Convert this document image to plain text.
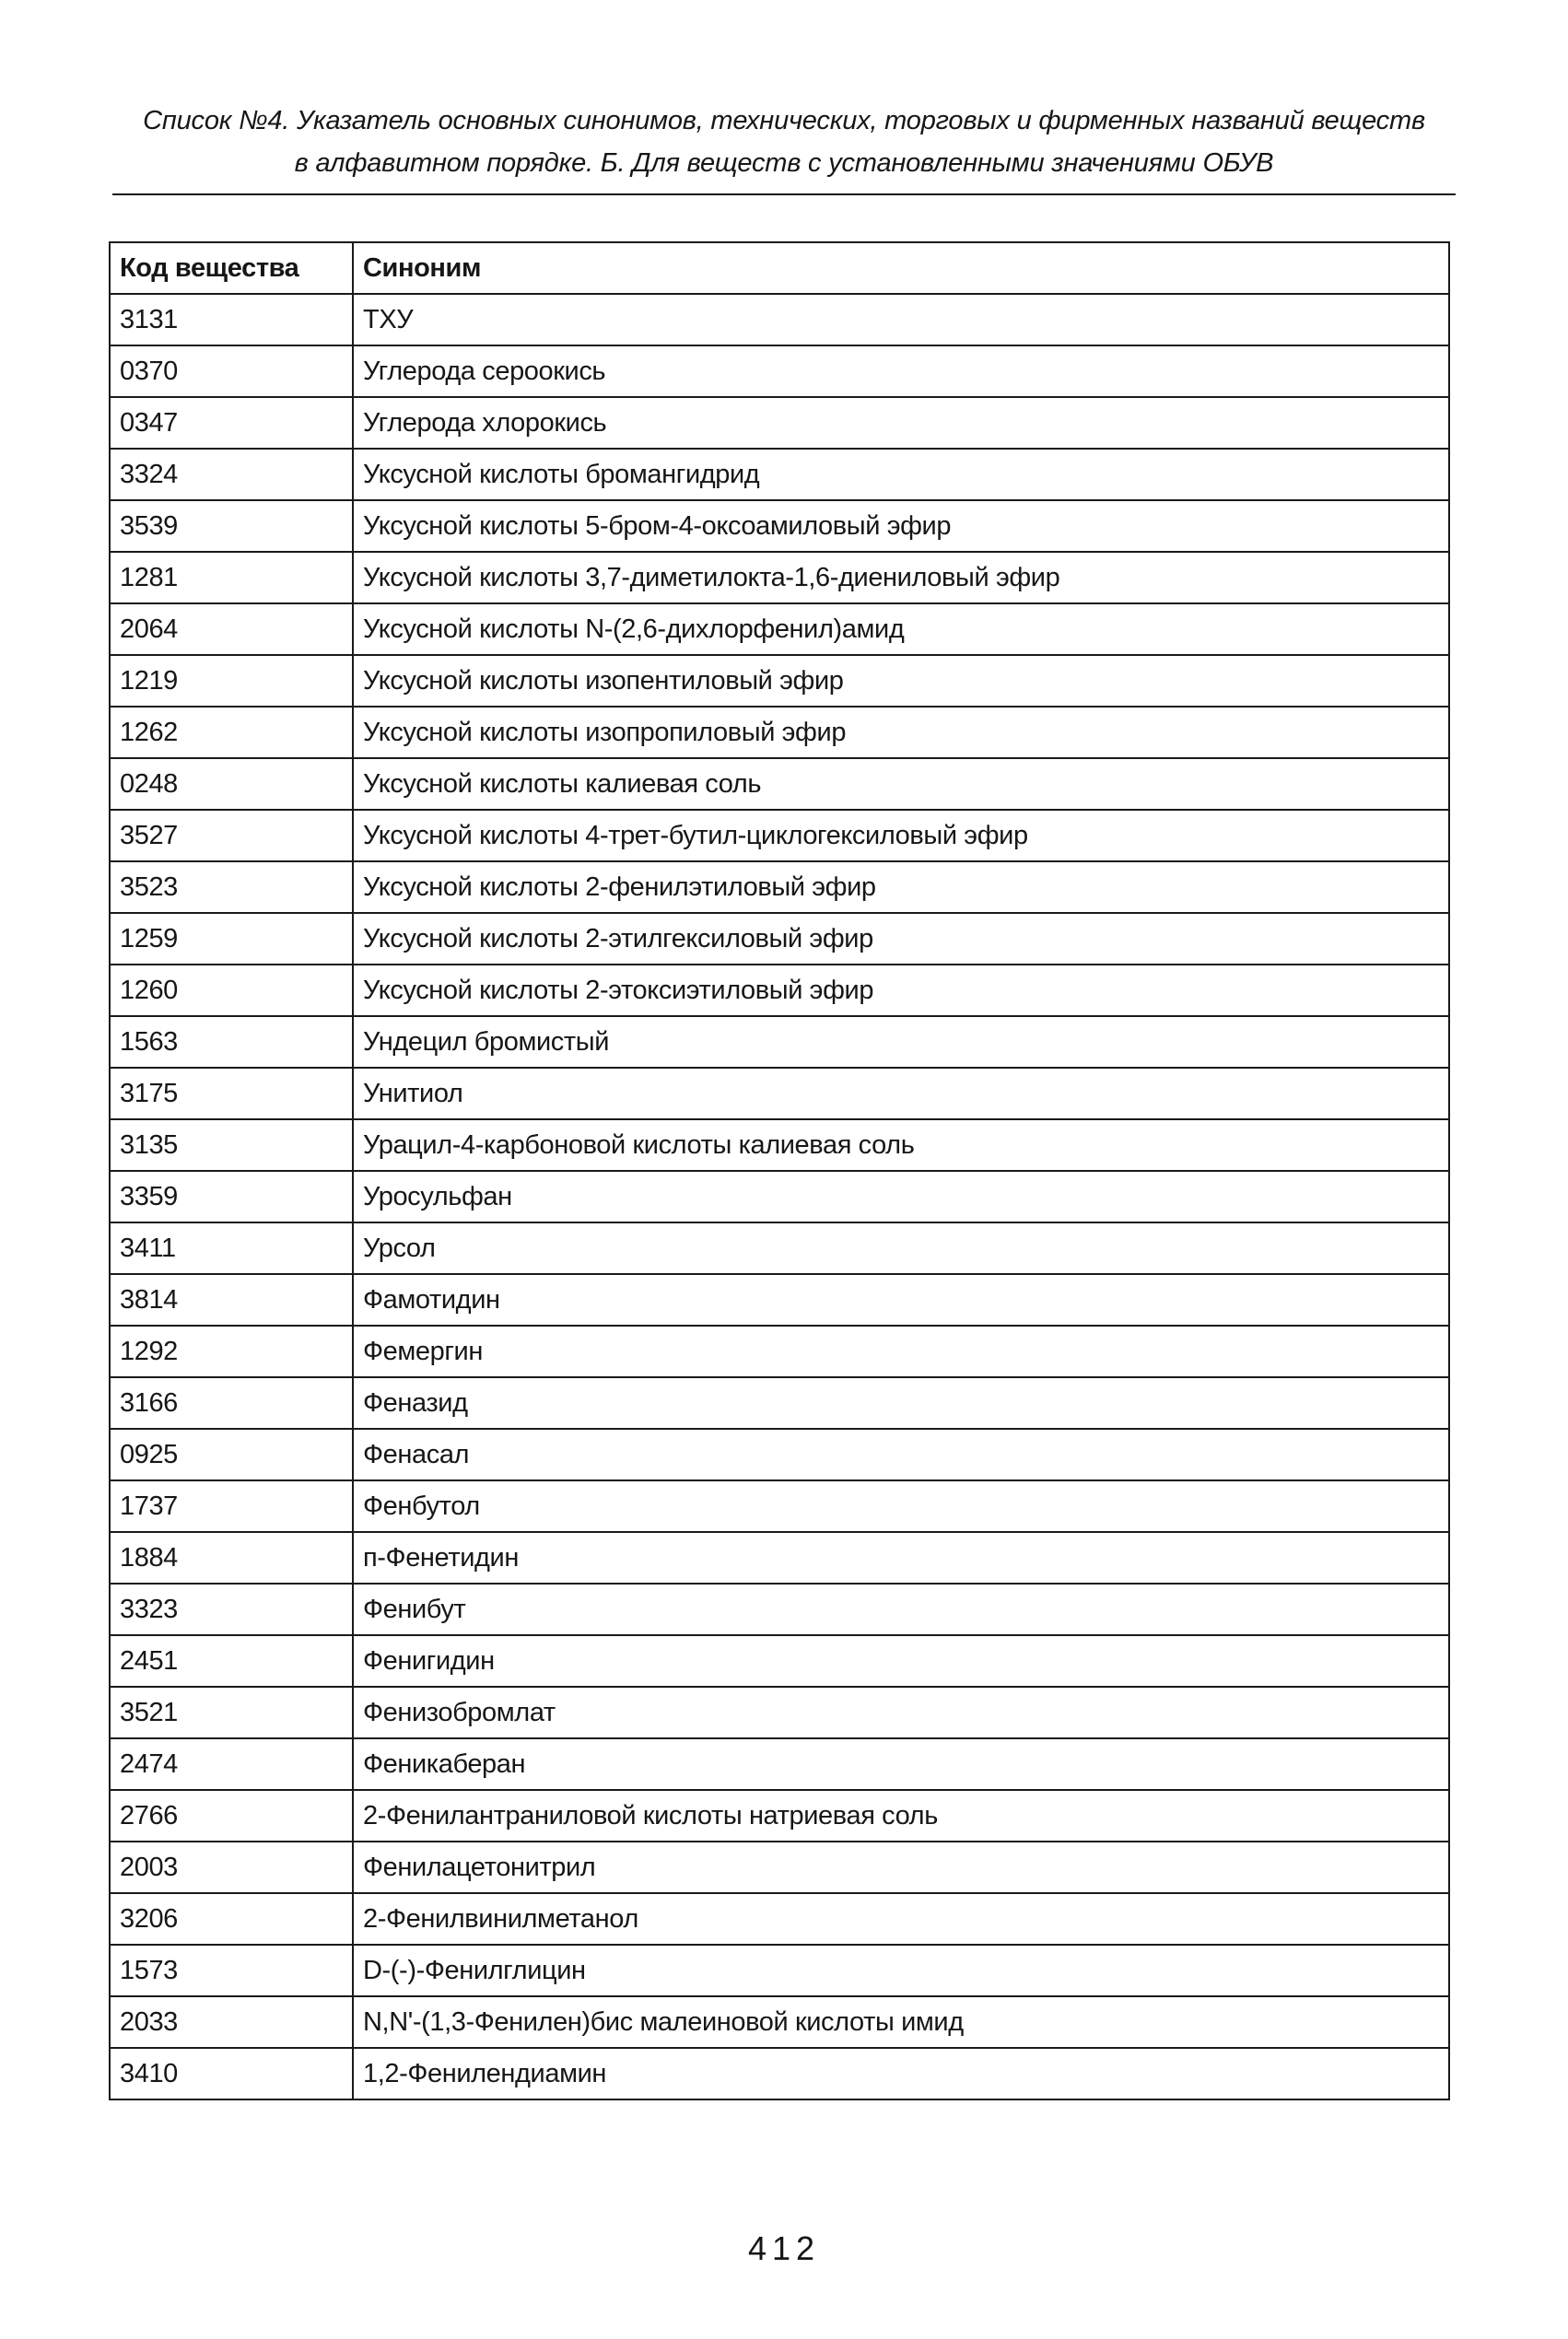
Список №4. Указатель основных синонимов, технических, торговых и фирменных названий веществ
в алфавитном порядке. Б. Для веществ с установленными значениями ОБУВ
Код вещества	Синоним
3131	ТХУ
0370	Углерода сероокись
0347	Углерода хлорокись
3324	Уксусной кислоты бромангидрид
3539	Уксусной кислоты 5-бром-4-оксоамиловый эфир
1281	Уксусной кислоты 3,7-диметилокта-1,6-диениловый эфир
2064	Уксусной кислоты N-(2,6-дихлорфенил)амид
1219	Уксусной кислоты изопентиловый эфир
1262	Уксусной кислоты изопропиловый эфир
0248	Уксусной кислоты калиевая соль
3527	Уксусной кислоты 4-трет-бутил-циклогексиловый эфир
3523	Уксусной кислоты 2-фенилэтиловый эфир
1259	Уксусной кислоты 2-этилгексиловый эфир
1260	Уксусной кислоты 2-этоксиэтиловый эфир
1563	Ундецил бромистый
3175	Унитиол
3135	Урацил-4-карбоновой кислоты калиевая соль
3359	Уросульфан
3411	Урсол
3814	Фамотидин
1292	Фемергин
3166	Феназид
0925	Фенасал
1737	Фенбутол
1884	п-Фенетидин
3323	Фенибут
2451	Фенигидин
3521	Фенизобромлат
2474	Феникаберан
2766	2-Фенилантраниловой кислоты натриевая соль
2003	Фенилацетонитрил
3206	2-Фенилвинилметанол
1573	D-(-)-Фенилглицин
2033	N,N'-(1,3-Фенилен)бис малеиновой кислоты имид
3410	1,2-Фенилендиамин
412
